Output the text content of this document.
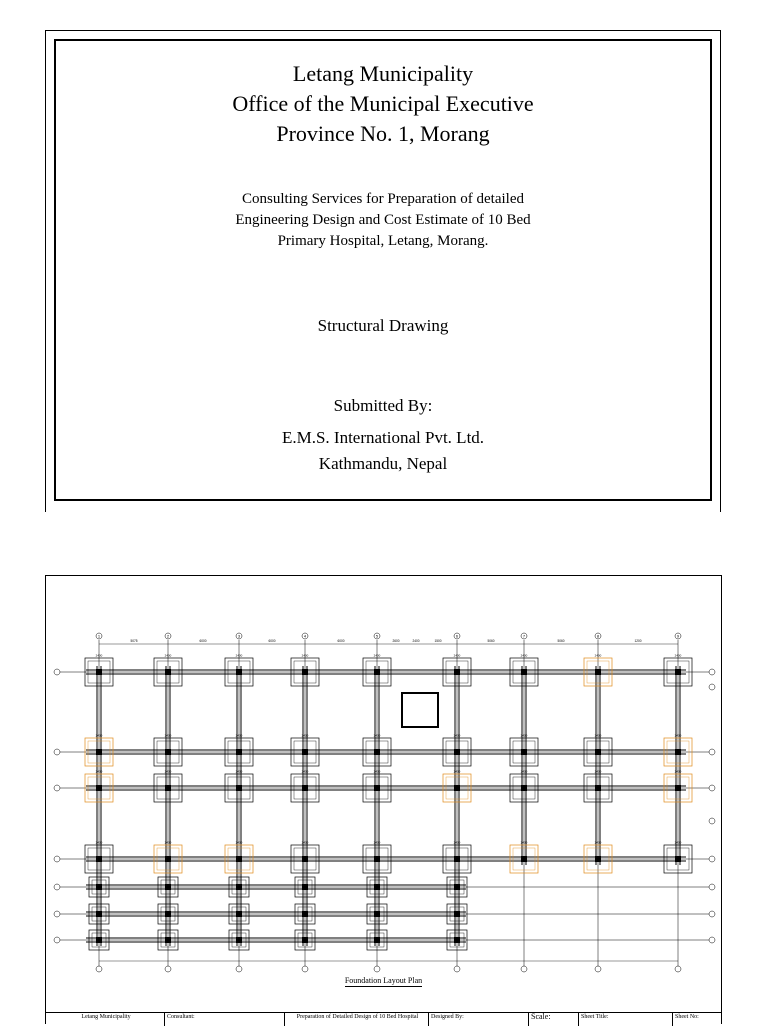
Letang Municipality
Office of the Municipal Executive
Province No. 1, Morang
Consulting Services for Preparation of detailed
Engineering Design and Cost Estimate of 10 Bed
Primary Hospital, Letang, Morang.
Structural Drawing
Submitted By:
E.M.S. International Pvt. Ltd.
Kathmandu, Nepal
2400	2400	2400	2400	2400	2400	2400	2400	2400
2400	2400	2400	2400	2400	2400	2400	2400	2400
2400	2400	2400	2400	2400	2400	2400	2400	2400
2400	2400	2400	2400	2400	2400	2400	2400	2400
1	2	3	4	5	6	7	8	9
5075	6000	6000	6000	2600	2400	1500	5060	5060	1200
Foundation Layout Plan
Letang Municipality	Consultant:	Preparation of Detailed Design of 10 Bed Hospital	Designed By:	Scale:	Sheet Title:	Sheet No:
